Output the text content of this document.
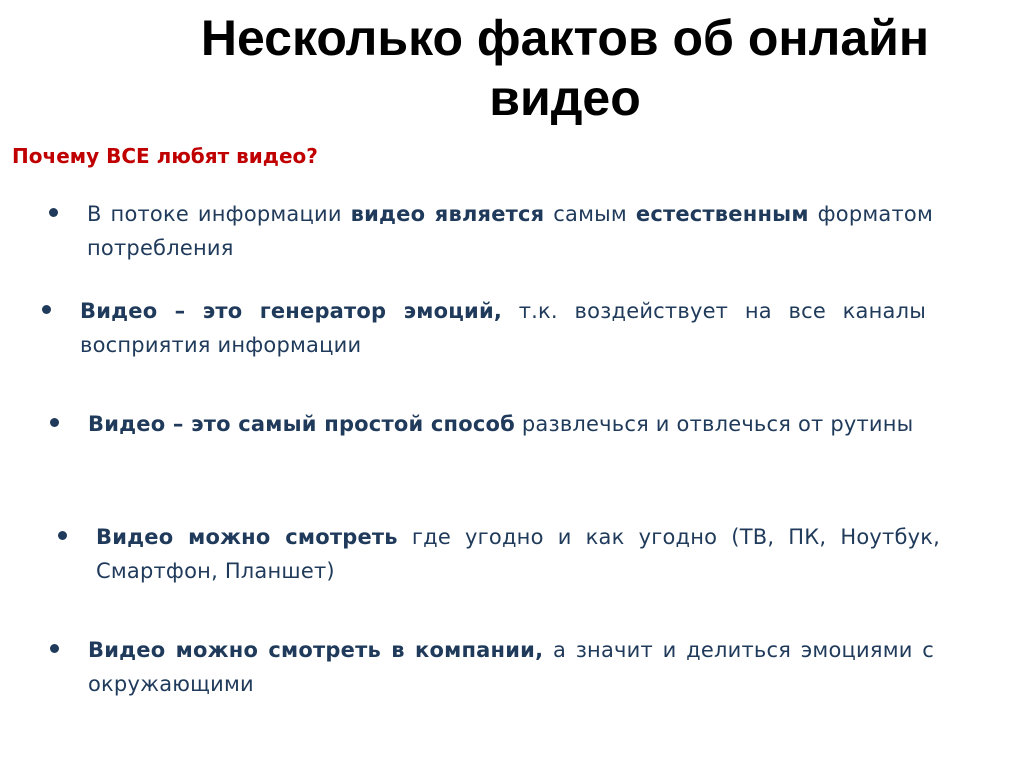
Несколько фактов об онлайн видео

Почему ВСЕ любят видео?

В потоке информации видео является самым естественным форматом потребления
Видео – это генератор эмоций, т.к. воздействует на все каналы восприятия информации
Видео – это самый простой способ развлечься и отвлечься от рутины
Видео можно смотреть где угодно и как угодно (ТВ, ПК, Ноутбук, Смартфон, Планшет)
Видео можно смотреть в компании, а значит и делиться эмоциями с окружающими
